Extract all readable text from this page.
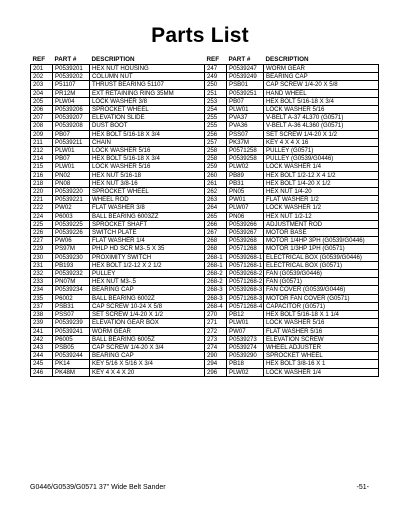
Parts List
REF	PART #	DESCRIPTION
201	P0539201	HEX NUT HOUSING
202	P0539202	COLUMN NUT
203	P51107	THRUST BEARING 51107
204	PR12M	EXT RETAINING RING 35MM
205	PLW04	LOCK WASHER 3/8
206	P0539206	SPROCKET WHEEL
207	P0539207	ELEVATION SLIDE
208	P0539208	DUST BOOT
209	PB07	HEX BOLT 5/16-18 X 3/4
211	P0539211	CHAIN
212	PLW01	LOCK WASHER 5/16
214	PB07	HEX BOLT 5/16-18 X 3/4
215	PLW01	LOCK WASHER 5/16
216	PN02	HEX NUT 5/16-18
218	PN08	HEX NUT 3/8-16
220	P0539220	SPROCKET WHEEL
221	P0539221	WHEEL ROD
222	PW02	FLAT WASHER 3/8
224	P6003	BALL BEARING 6003ZZ
225	P0539225	SPROCKET SHAFT
226	P0539226	SWITCH PLATE
227	PW06	FLAT WASHER 1/4
229	PS97M	PHLP HD SCR M3-.5 X 35
230	P0539230	PROXIMITY SWITCH
231	PB193	HEX BOLT 1/2-12 X 2 1/2
232	P0539232	PULLEY
233	PN07M	HEX NUT M3-.5
234	P0539234	BEARING CAP
235	P6002	BALL BEARING 6002Z
237	PSB31	CAP SCREW 10-24 X 5/8
238	PSS07	SET SCREW 1/4-20 X 1/2
239	P0539239	ELEVATION GEAR BOX
241	P0539241	WORM GEAR
242	P6005	BALL BEARING 6005Z
243	PSB05	CAP SCREW 1/4-20 X 3/4
244	P0539244	BEARING CAP
245	PK14	KEY 5/16 X 5/16 X 3/4
246	PK48M	KEY 4 X 4 X 20
REF	PART #	DESCRIPTION
247	P0539247	WORM GEAR
249	P0539249	BEARING CAP
250	PSB01	CAP SCREW 1/4-20 X 5/8
251	P0539251	HAND WHEEL
253	PB07	HEX BOLT 5/16-18 X 3/4
254	PLW01	LOCK WASHER 5/16
255	PVA37	V-BELT A-37 4L370 (G0571)
255	PVA36	V-BELT A-36 4L360 (G0571)
256	PSS07	SET SCREW 1/4-20 X 1/2
257	PK37M	KEY 4 X 4 X 16
258	P0571258	PULLEY (G0571)
258	P0539258	PULLEY (G0539/G0446)
259	PLW02	LOCK WASHER 1/4
260	PB89	HEX BOLT 1/2-12 X 4 1/2
261	PB31	HEX BOLT 1/4-20 X 1/2
262	PN05	HEX NUT 1/4-20
263	PW01	FLAT WASHER 1/2
264	PLW07	LOCK WASHER 1/2
265	PN06	HEX NUT 1/2-12
266	P0539266	ADJUSTMENT ROD
267	P0539267	MOTOR BASE
268	P0539268	MOTOR 1/4HP 3PH (G0539/G0446)
268	P0571268	MOTOR 1/3HP 1PH (G0571)
268-1	P0539268-1	ELECTRICAL BOX (G0539/G0446)
268-1	P0571268-1	ELECTRICAL BOX (G0571)
268-2	P0539268-2	FAN (G0539/G0446)
268-2	P0571268-2	FAN (G0571)
268-3	P0539268-3	FAN COVER (G0539/G0446)
268-3	P0571268-3	MOTOR FAN COVER (G0571)
268-4	P0571268-4	CAPACITOR (G0571)
270	PB12	HEX BOLT 5/16-18 X 1 1/4
271	PLW01	LOCK WASHER 5/16
272	PW07	FLAT WASHER 5/16
273	P0539273	ELEVATION SCREW
274	P0539274	WHEEL ADJUSTER
290	P0539290	SPROCKET WHEEL
294	PB18	HEX BOLT 3/8-16 X 1
296	PLW02	LOCK WASHER 1/4
G0446/G0539/G0571 37" Wide Belt Sander	-51-
